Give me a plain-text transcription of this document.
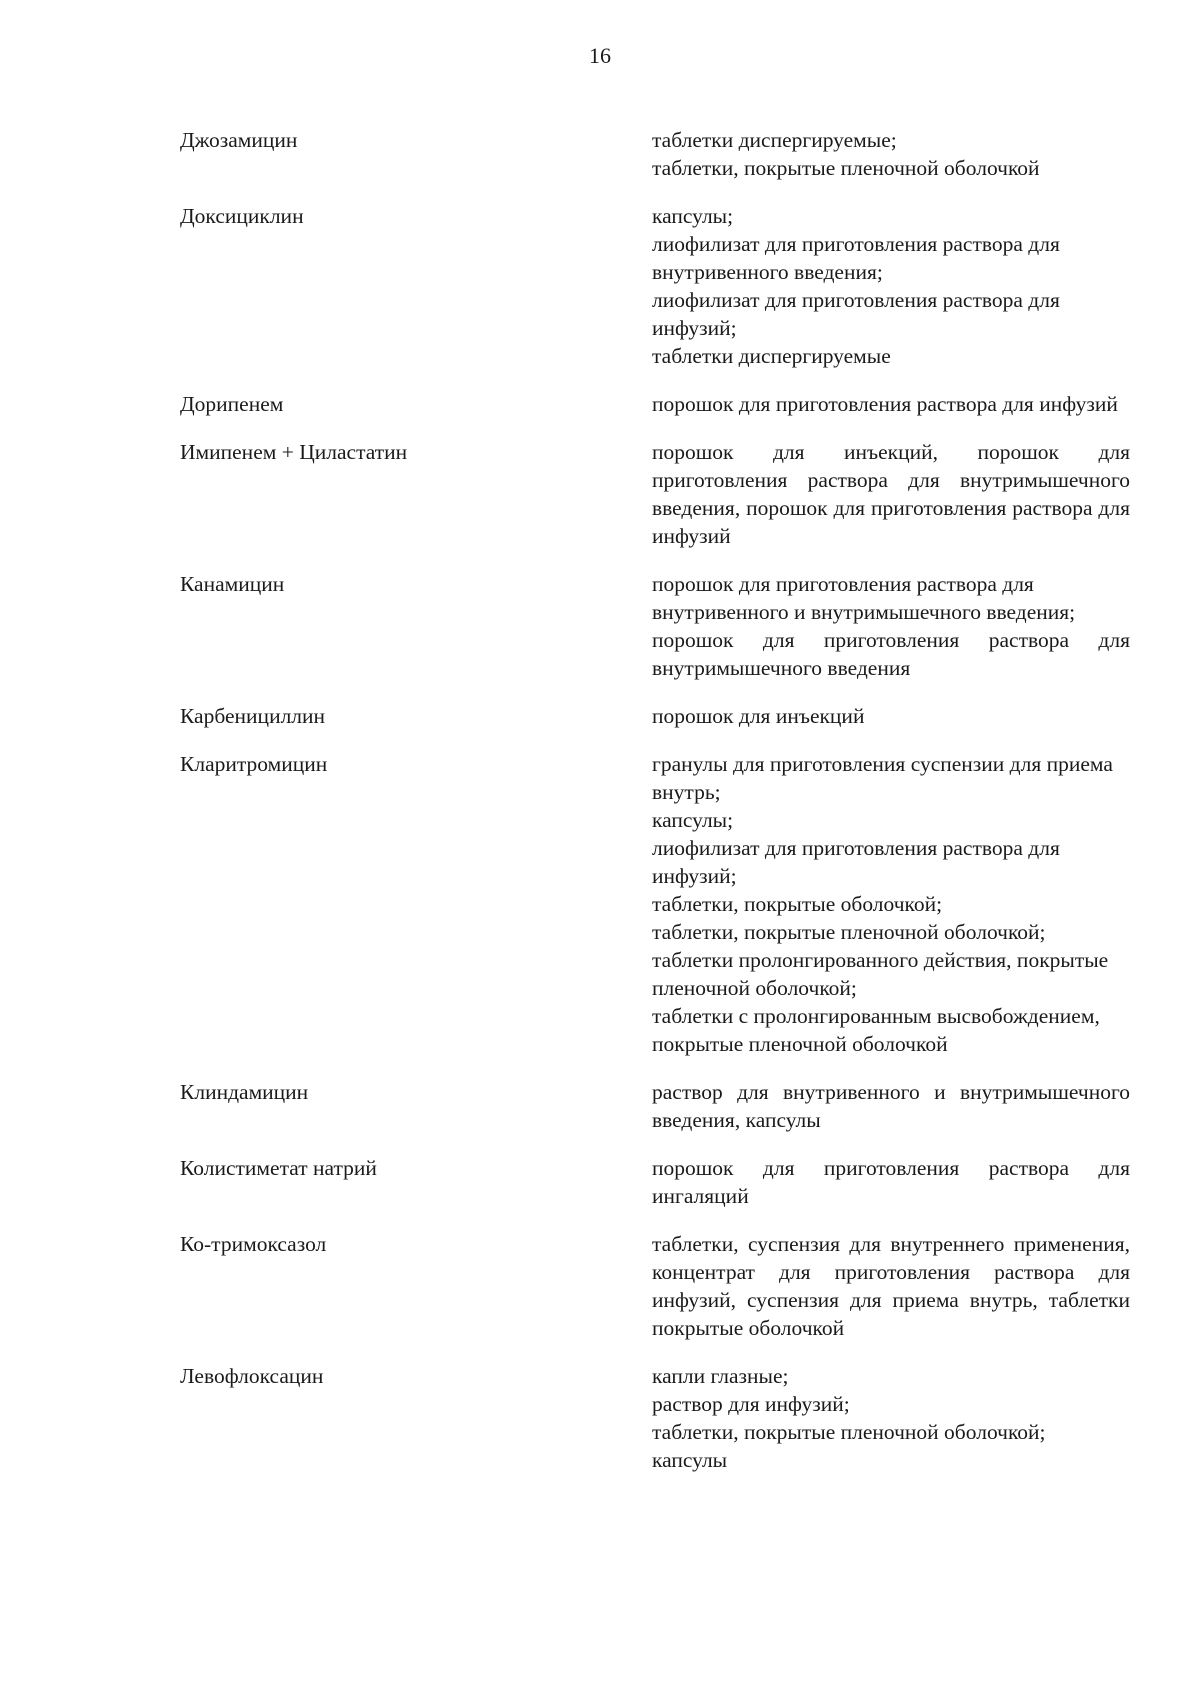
16
Джозамицин	таблетки диспергируемые;
таблетки, покрытые пленочной оболочкой
Доксициклин	капсулы;
лиофилизат для приготовления раствора для внутривенного введения;
лиофилизат для приготовления раствора для инфузий;
таблетки диспергируемые
Дорипенем	порошок для приготовления раствора для инфузий
Имипенем + Циластатин	порошок для инъекций, порошок для приготовления раствора для внутримышечного введения, порошок для приготовления раствора для инфузий
Канамицин	порошок для приготовления раствора для внутривенного и внутримышечного введения;
порошок для приготовления раствора для внутримышечного введения
Карбенициллин	порошок для инъекций
Кларитромицин	гранулы для приготовления суспензии для приема внутрь;
капсулы;
лиофилизат для приготовления раствора для инфузий;
таблетки, покрытые оболочкой;
таблетки, покрытые пленочной оболочкой;
таблетки пролонгированного действия, покрытые пленочной оболочкой;
таблетки с пролонгированным высвобождением, покрытые пленочной оболочкой
Клиндамицин	раствор для внутривенного и внутримышечного введения, капсулы
Колистиметат натрий	порошок для приготовления раствора для ингаляций
Ко-тримоксазол	таблетки, суспензия для внутреннего применения, концентрат для приготовления раствора для инфузий, суспензия для приема внутрь, таблетки покрытые оболочкой
Левофлоксацин	капли глазные;
раствор для инфузий;
таблетки, покрытые пленочной оболочкой;
капсулы
